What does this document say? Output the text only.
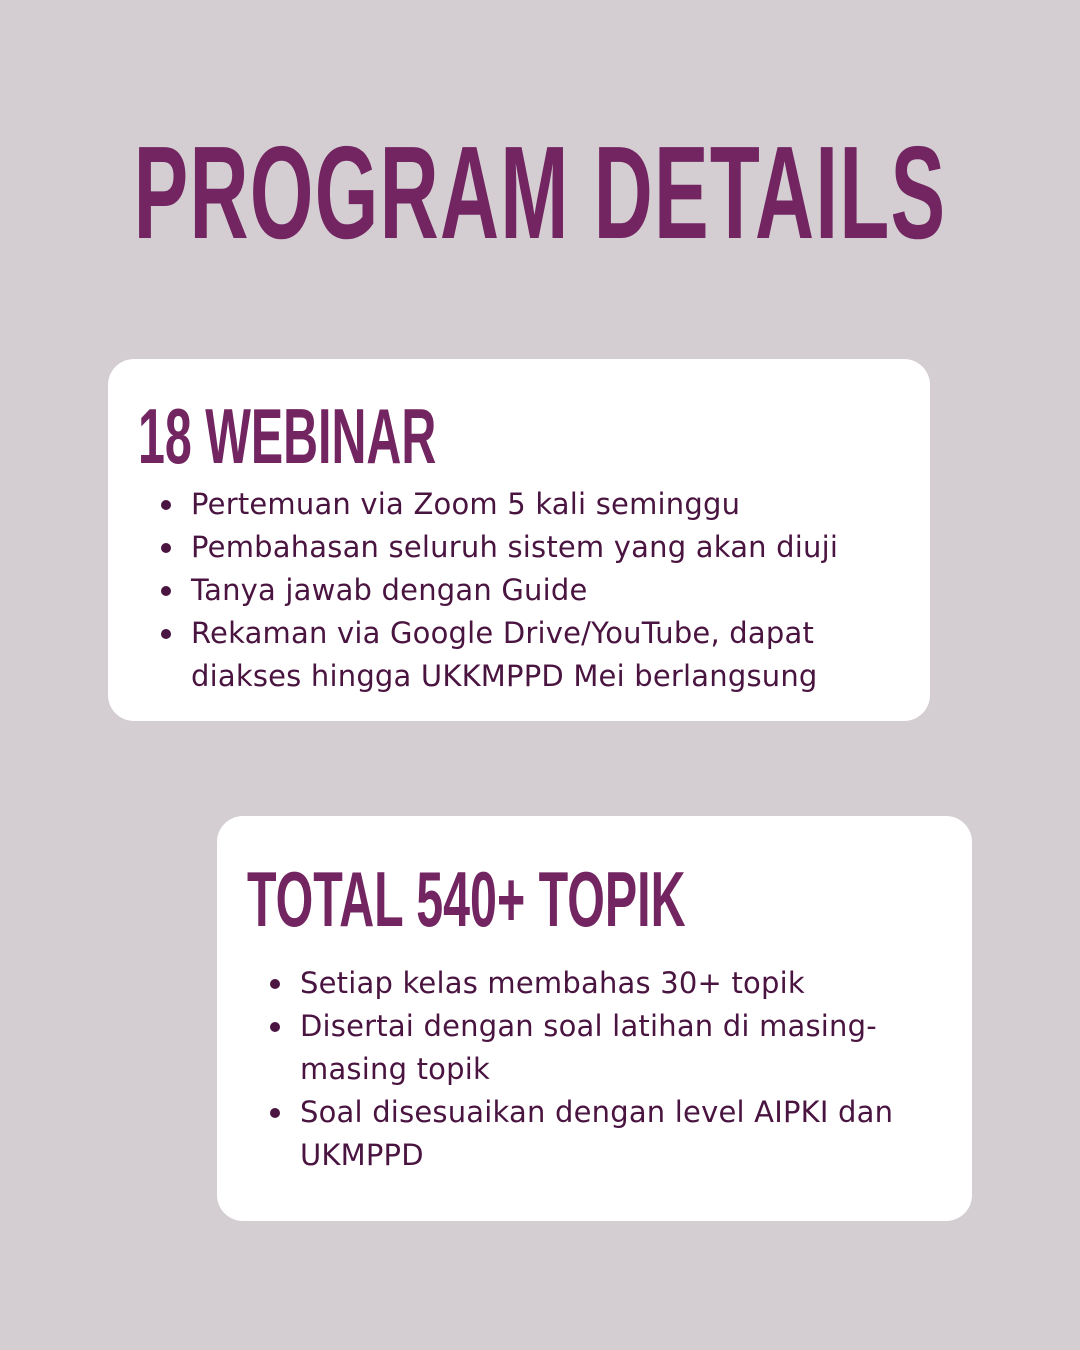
PROGRAM DETAILS
18 WEBINAR
Pertemuan via Zoom 5 kali seminggu
Pembahasan seluruh sistem yang akan diuji
Tanya jawab dengan Guide
Rekaman via Google Drive/YouTube, dapat diakses hingga UKKMPPD Mei berlangsung
TOTAL 540+ TOPIK
Setiap kelas membahas 30+ topik
Disertai dengan soal latihan di masing-masing topik
Soal disesuaikan dengan level AIPKI dan UKMPPD
